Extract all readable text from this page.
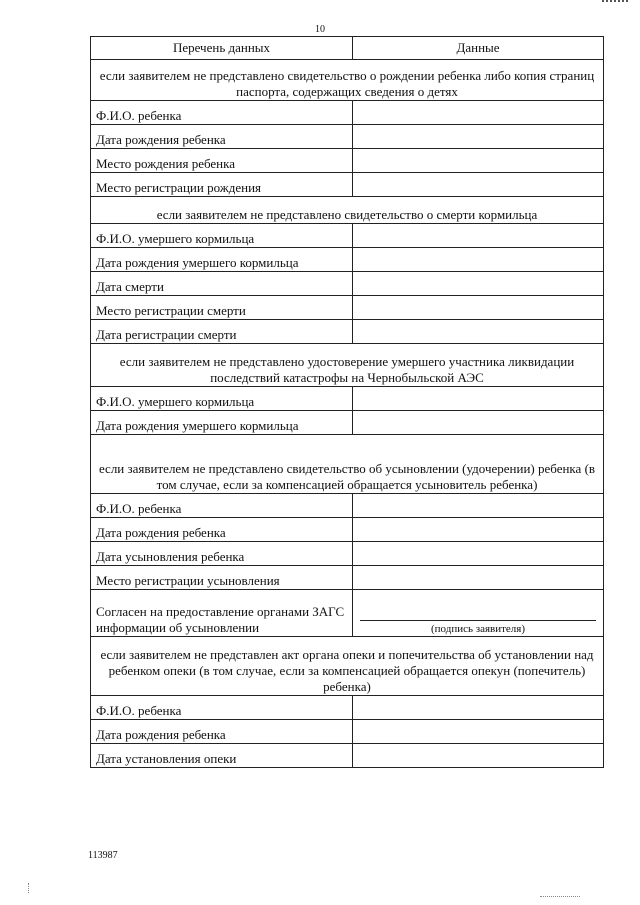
10
Перечень данных	Данные
если заявителем не представлено свидетельство о рождении ребенка либо копия страниц паспорта, содержащих сведения о детях	
Ф.И.О. ребенка	
Дата рождения ребенка	
Место рождения ребенка	
Место регистрации рождения	
если заявителем не представлено свидетельство о смерти кормильца	
Ф.И.О. умершего кормильца	
Дата рождения умершего кормильца	
Дата смерти	
Место регистрации смерти	
Дата регистрации смерти	
если заявителем не представлено удостоверение умершего участника ликвидации последствий катастрофы на Чернобыльской АЭС	
Ф.И.О. умершего кормильца	
Дата рождения умершего кормильца	
если заявителем не представлено свидетельство об усыновлении (удочерении) ребенка (в том случае, если за компенсацией обращается усыновитель ребенка)	
Ф.И.О. ребенка	
Дата рождения ребенка	
Дата усыновления ребенка	
Место регистрации усыновления	
Согласен на предоставление органами ЗАГС информации об усыновлении	(подпись заявителя)

если заявителем не представлен акт органа опеки и попечительства об установлении над ребенком опеки (в том случае, если за компенсацией обращается опекун (попечитель) ребенка)	
Ф.И.О. ребенка	
Дата рождения ребенка	
Дата установления опеки	
113987
